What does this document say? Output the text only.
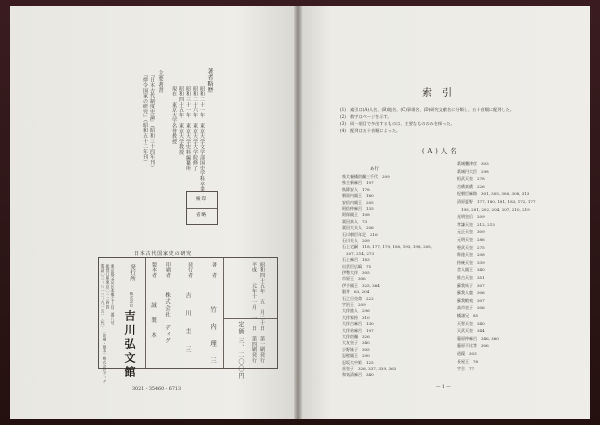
著者略歴
昭和二十一年　東京大学文学部国史学科卒業
昭和二十六年　東京大学大学院修了
昭和三十一年　東京大学史料編纂所
昭和四十五年　東京大学教授
現在　東京大学名誉教授
主要著書
『日本古代制度史論』（昭和三十四年刊）
『律令国家の研究』（昭和五十二年刊）
検印
省略
日本古代国家史の研究
昭和四十五年　五　月二十日　第一刷発行
平成　　元年十一月　一　日　第四刷発行
定価 三、二〇〇円
著　者
竹　内　理　三
発行者
吉　川　圭　三
印刷者
株式会社　ディグ
製本者
誠　製　本
発行所
株式会社
吉川弘文館
東京都文京区本郷七丁目二番八号
振替口座東京〇一二四四
電話〇三－八一三－九一五一〈代〉
〈印刷・製本〉株式会社ディグ
3021 - 35460 - 6713
索引
(1)　索引は(A)人名、(B)地名、(C)事項名、(D)研究文献名に分類し、五十音順に配列した。
(2)　数字はページを示す。
(3)　同一項目で多出するものは、主要なもののみを採った。
(4)　配列は五十音順によった。
(A)人名
あ行
県犬養橘宿禰三千代　209
県主新麻呂　197
秋篠安人　178
朝原内親王　180
安倍内親王　205
阿倍仲麻呂　135
阿保親王　108
粟田真人　73
粟田大夫人　206
石川朝臣年足　216
石川夫人　209
石上宅嗣　118, 177, 179, 180, 193, 198, 205,
　207, 214, 273
石上麻呂　183
出雲臣広嶋　75
伊勢大伴　305
市原王　306
伊予親王　325, 364
磐井　63, 204
石之日売命　222
宇治王　209
大伴旅人　296
大伴家持　310
大伴古麻呂　130
大伴弟麻呂　197
大伴宿禰　326
大友皇子　340
小野妹子　305
忍壁親王　290
忍坂大中姫　125
首皇子　326, 337, 339, 363
和気清麻呂　340
葛城襲津彦　303
葛城円大臣　298
桓武天皇　278
吉備真備　226
紀朝臣麻路　301, 305, 306, 308, 313
清原夏野　177, 180, 181, 183, 172, 177
　195, 201, 202, 204, 207, 210, 219
光明皇后　209
孝謙天皇　212, 213
元正天皇　309
元明天皇　286
聖武天皇　275
称徳天皇　208
持統天皇　339
舎人親王　340
推古天皇　351
蘇我馬子　307
蘇我入鹿　306
蘇我蝦夷　307
高市皇子　306
橘諸兄　85
天智天皇　340
天武天皇　344
藤原仲麻呂　346, 360
藤原不比等　306
道鏡　303
長屋王　76
宇合　77
— 1 —
